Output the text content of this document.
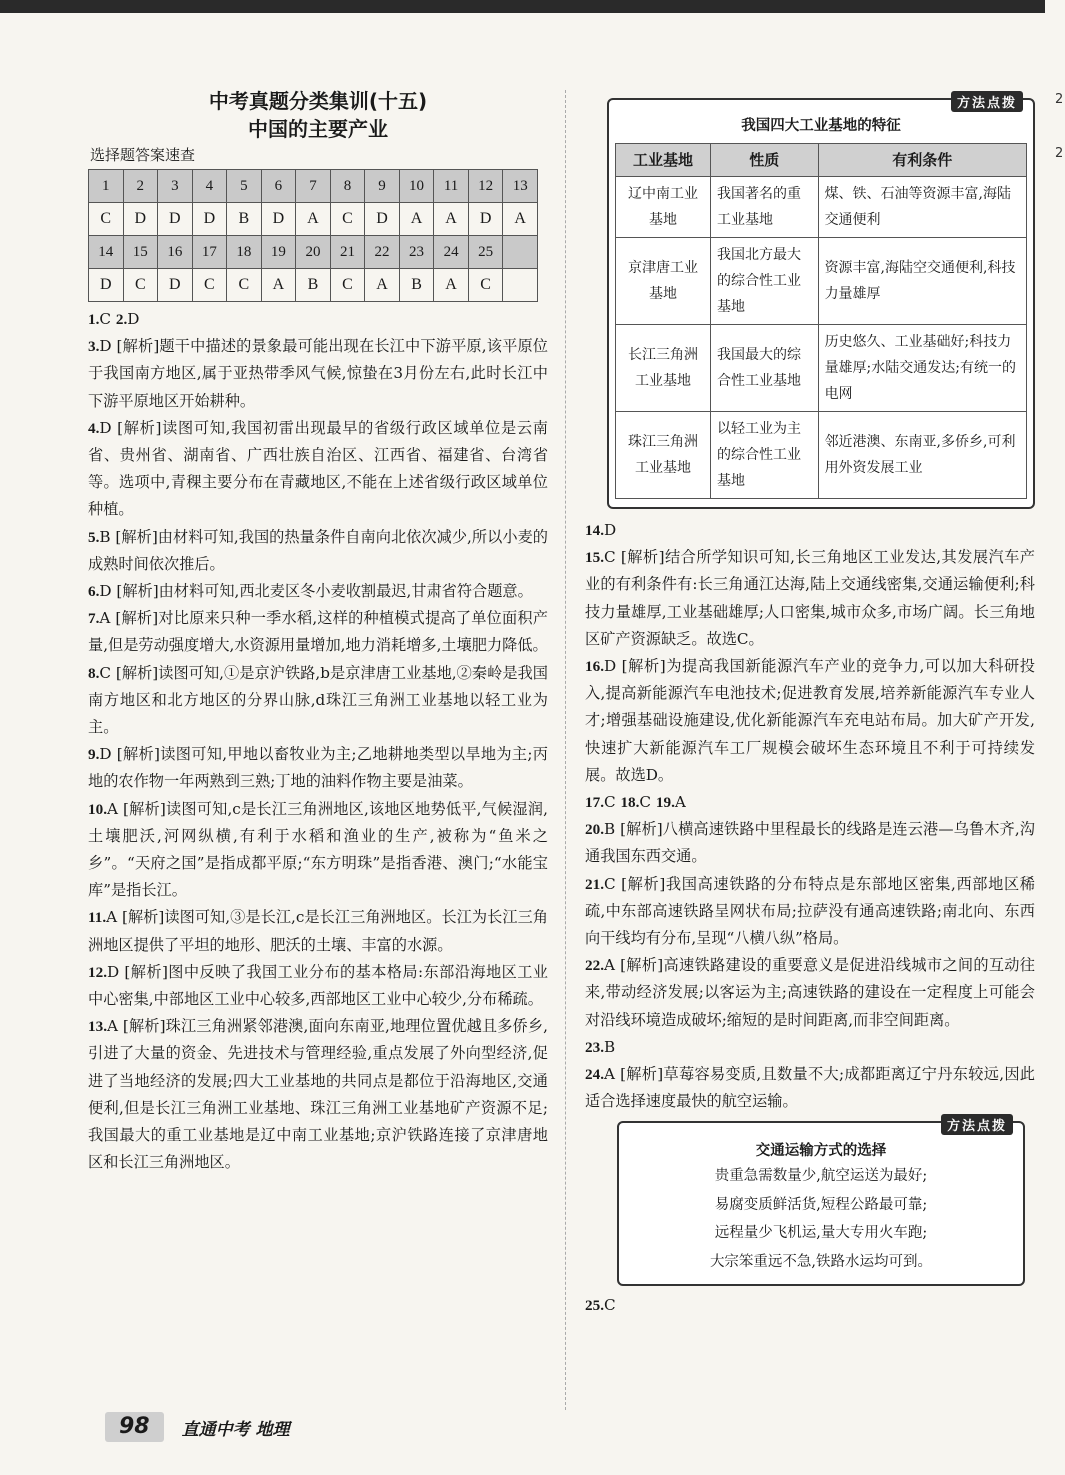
2
2
中考真题分类集训(十五)
中国的主要产业
选择题答案速查
1	2	3	4	5	6	7	8	9	10	11	12	13
C	D	D	D	B	D	A	C	D	A	A	D	A
14	15	16	17	18	19	20	21	22	23	24	25	
D	C	D	C	C	A	B	C	A	B	A	C	

1.C 2.D

3.D [解析]题干中描述的景象最可能出现在长江中下游平原,该平原位于我国南方地区,属于亚热带季风气候,惊蛰在3月份左右,此时长江中下游平原地区开始耕种。

4.D [解析]读图可知,我国初雷出现最早的省级行政区域单位是云南省、贵州省、湖南省、广西壮族自治区、江西省、福建省、台湾省等。选项中,青稞主要分布在青藏地区,不能在上述省级行政区域单位种植。

5.B [解析]由材料可知,我国的热量条件自南向北依次减少,所以小麦的成熟时间依次推后。

6.D [解析]由材料可知,西北麦区冬小麦收割最迟,甘肃省符合题意。

7.A [解析]对比原来只种一季水稻,这样的种植模式提高了单位面积产量,但是劳动强度增大,水资源用量增加,地力消耗增多,土壤肥力降低。

8.C [解析]读图可知,①是京沪铁路,b是京津唐工业基地,②秦岭是我国南方地区和北方地区的分界山脉,d珠江三角洲工业基地以轻工业为主。

9.D [解析]读图可知,甲地以畜牧业为主;乙地耕地类型以旱地为主;丙地的农作物一年两熟到三熟;丁地的油料作物主要是油菜。

10.A [解析]读图可知,c是长江三角洲地区,该地区地势低平,气候湿润,土壤肥沃,河网纵横,有利于水稻和渔业的生产,被称为“鱼米之乡”。“天府之国”是指成都平原;“东方明珠”是指香港、澳门;“水能宝库”是指长江。

11.A [解析]读图可知,③是长江,c是长江三角洲地区。长江为长江三角洲地区提供了平坦的地形、肥沃的土壤、丰富的水源。

12.D [解析]图中反映了我国工业分布的基本格局:东部沿海地区工业中心密集,中部地区工业中心较多,西部地区工业中心较少,分布稀疏。

13.A [解析]珠江三角洲紧邻港澳,面向东南亚,地理位置优越且多侨乡,引进了大量的资金、先进技术与管理经验,重点发展了外向型经济,促进了当地经济的发展;四大工业基地的共同点是都位于沿海地区,交通便利,但是长江三角洲工业基地、珠江三角洲工业基地矿产资源不足;我国最大的重工业基地是辽中南工业基地;京沪铁路连接了京津唐地区和长江三角洲地区。

方法点拨
我国四大工业基地的特征
工业基地	性质	有利条件
辽中南工业基地	我国著名的重工业基地	煤、铁、石油等资源丰富,海陆交通便利
京津唐工业基地	我国北方最大的综合性工业基地	资源丰富,海陆空交通便利,科技力量雄厚
长江三角洲工业基地	我国最大的综合性工业基地	历史悠久、工业基础好;科技力量雄厚;水陆交通发达;有统一的电网
珠江三角洲工业基地	以轻工业为主的综合性工业基地	邻近港澳、东南亚,多侨乡,可利用外资发展工业

14.D

15.C [解析]结合所学知识可知,长三角地区工业发达,其发展汽车产业的有利条件有:长三角通江达海,陆上交通线密集,交通运输便利;科技力量雄厚,工业基础雄厚;人口密集,城市众多,市场广阔。长三角地区矿产资源缺乏。故选C。

16.D [解析]为提高我国新能源汽车产业的竞争力,可以加大科研投入,提高新能源汽车电池技术;促进教育发展,培养新能源汽车专业人才;增强基础设施建设,优化新能源汽车充电站布局。加大矿产开发,快速扩大新能源汽车工厂规模会破坏生态环境且不利于可持续发展。故选D。

17.C 18.C 19.A

20.B [解析]八横高速铁路中里程最长的线路是连云港—乌鲁木齐,沟通我国东西交通。

21.C [解析]我国高速铁路的分布特点是东部地区密集,西部地区稀疏,中东部高速铁路呈网状布局;拉萨没有通高速铁路;南北向、东西向干线均有分布,呈现“八横八纵”格局。

22.A [解析]高速铁路建设的重要意义是促进沿线城市之间的互动往来,带动经济发展;以客运为主;高速铁路的建设在一定程度上可能会对沿线环境造成破坏;缩短的是时间距离,而非空间距离。

23.B

24.A [解析]草莓容易变质,且数量不大;成都距离辽宁丹东较远,因此适合选择速度最快的航空运输。

方法点拨
交通运输方式的选择

贵重急需数量少,航空运送为最好;

易腐变质鲜活货,短程公路最可靠;

远程量少飞机运,量大专用火车跑;

大宗笨重远不急,铁路水运均可到。

25.C

98	直通中考 地理
